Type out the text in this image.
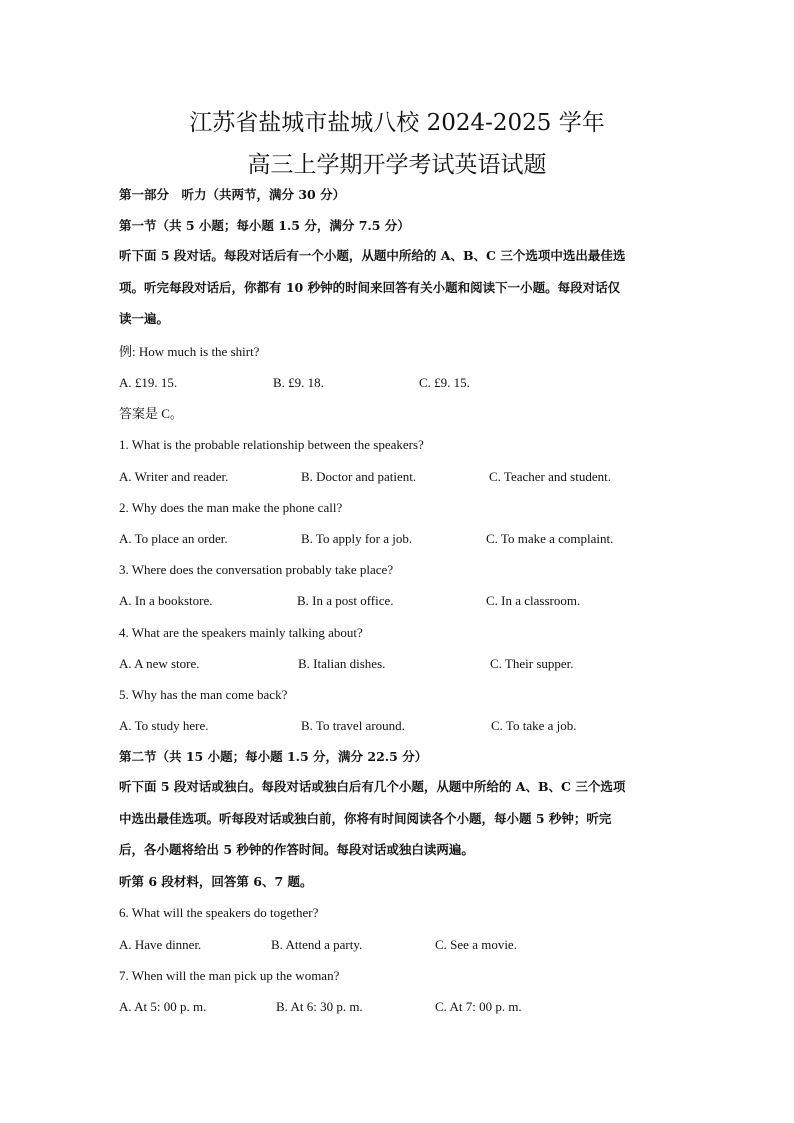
江苏省盐城市盐城八校 2024-2025 学年
高三上学期开学考试英语试题
第一部分　听力（共两节，满分 30 分）
第一节（共 5 小题；每小题 1.5 分，满分 7.5 分）
听下面 5 段对话。每段对话后有一个小题，从题中所给的 A、B、C 三个选项中选出最佳选
项。听完每段对话后，你都有 10 秒钟的时间来回答有关小题和阅读下一小题。每段对话仅
读一遍。
例: How much is the shirt?
A. £19. 15.	B. £9. 18.	C. £9. 15.
答案是 C。
1. What is the probable relationship between the speakers?
A. Writer and reader.	B. Doctor and patient.	C. Teacher and student.
2. Why does the man make the phone call?
A. To place an order.	B. To apply for a job.	C. To make a complaint.
3. Where does the conversation probably take place?
A. In a bookstore.	B. In a post office.	C. In a classroom.
4. What are the speakers mainly talking about?
A. A new store.	B. Italian dishes.	C. Their supper.
5. Why has the man come back?
A. To study here.	B. To travel around.	C. To take a job.
第二节（共 15 小题；每小题 1.5 分，满分 22.5 分）
听下面 5 段对话或独白。每段对话或独白后有几个小题，从题中所给的 A、B、C 三个选项
中选出最佳选项。听每段对话或独白前，你将有时间阅读各个小题，每小题 5 秒钟；听完
后，各小题将给出 5 秒钟的作答时间。每段对话或独白读两遍。
听第 6 段材料，回答第 6、7 题。
6. What will the speakers do together?
A. Have dinner.	B. Attend a party.	C. See a movie.
7. When will the man pick up the woman?
A. At 5: 00 p. m.	B. At 6: 30 p. m.	C. At 7: 00 p. m.
